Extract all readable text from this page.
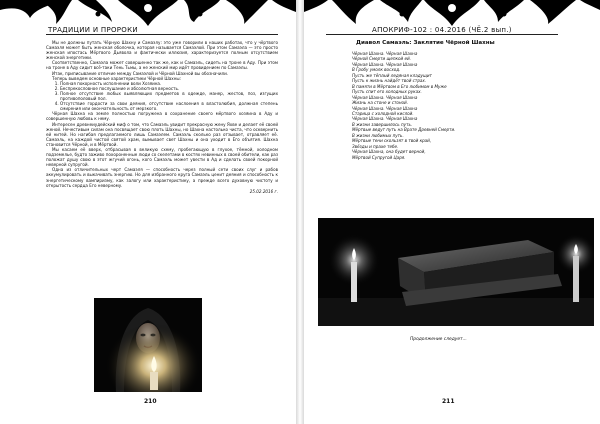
ТРАДИЦИИ И ПРОРОКИ

Мы не должны путать Чёрную Шахну и Самаэлу: это уже говорили в наших работах, что у чёртвого Самаэля может быть женская оболочка, которая называется Самаэлой. При этом Самаэла — это просто женская ипостась Мёртвого Дьявола и фактически иллюзия, характеризуется полным отсутствием женской энергетики.

Соответственно, Самаэла может совершенно так же, как и Самаэль, сидеть на троне в Аду. При этом на троне в Аду сидит всё-таки Тень Тьмы, а не женский мир идёт провидением по Самаэлы.

Итак, приписывание отличие между Самаэлой и Чёрной Шахной вы обозначили.

Теперь выведем основные характеристики Чёрной Шахны:

1. Полная покорность исполнении воли Хозяина.
2. Беспрекословное послушание и абсолютная верность.
3. Полное отсутствие любых выявляющих предметов в одежде, манер, жестов, поз, изгущих противополовый пол.
4. Отсутствие гордости за свои деяния, отсутствие наслоения в властолюбия, должная степень смирения или окончательность от мерзкого.

Чёрная Шахна на земле полностью погружена в сохранение своего мёртвого хозяина в Аду и совершенную любовь к нему.

Интересен древнеиудейский миф о том, что Самаэль увидит прекрасную жену Яхве и делает её своей женой. Нечестивым силам она посвящает свою плоть Шахны, но Шахна настолько чиста, что осквернить ей нитей. Но нагибая предлагаемого лишь Самаэлем. Самаэль сколько раз отзывает, отравляет её. Самаэль, на каждой чистой святой храм, вымывает свет Шахны и она уходит в Его объятия. Шахна становится Чёрной, и в Мёртвой.

Мы касаем её вверх, отбрасывая в великую схему, пробегающую в глухое, тёмной, холодном подземелье, будто заживо похороненные люди со скелетами в костях невинных в своей обители, как раз положат душу свою в этот жгучий огонь, кого Самаэль может увести в Ад и сделать своей покорной неверной супругой.

Одна из отличительных черт Самаэля — способность через полный сети своих слуг и рабов аккумулировать и выкачивать энергию. Но для избранного круга Самаэль ценит деяния и способность к энергетическому вампиризму, как залогу или характеристику, а прежде всего духовную чистоту и открытость сердца Его неверному.

25.02.2016 г.

210
АПОКРИФ-102 : 04.2016 (ЧЁ.2 вып.)
Диавол Самаэль: Заклятие Чёрной Шахны
Чёрная Шахна. Чёрная Шахна
Чёрной Смерти щепкой ей.
Чёрная Шахна. Чёрная Шахна
В Гробу умолк восход.
Пусть же тёплый ледяная кладущит
Пусть к жизнь найдёт твой страх.
В памяти в Мёртвом в Его любимом в Муже
Пусть спит его холодных руках.
Чёрная Шахна. Чёрная Шахна
Жизнь на стоне и стоной.
Чёрная Шахна. Чёрная Шахна
Старица с холодной кислой.
Чёрная Шахна. Чёрная Шахна
В жизни завершилось путь.
Мёртвые ведут путь на Врате Древней Смерти.
В жизни любимых путь.
Мёртвые тени скользят в твой край,
Звёзды и прахе тебе.
Чёрная Шахна, она будет верной,
Мёртвой Супругой Царя.
Продолжение следует...
211
